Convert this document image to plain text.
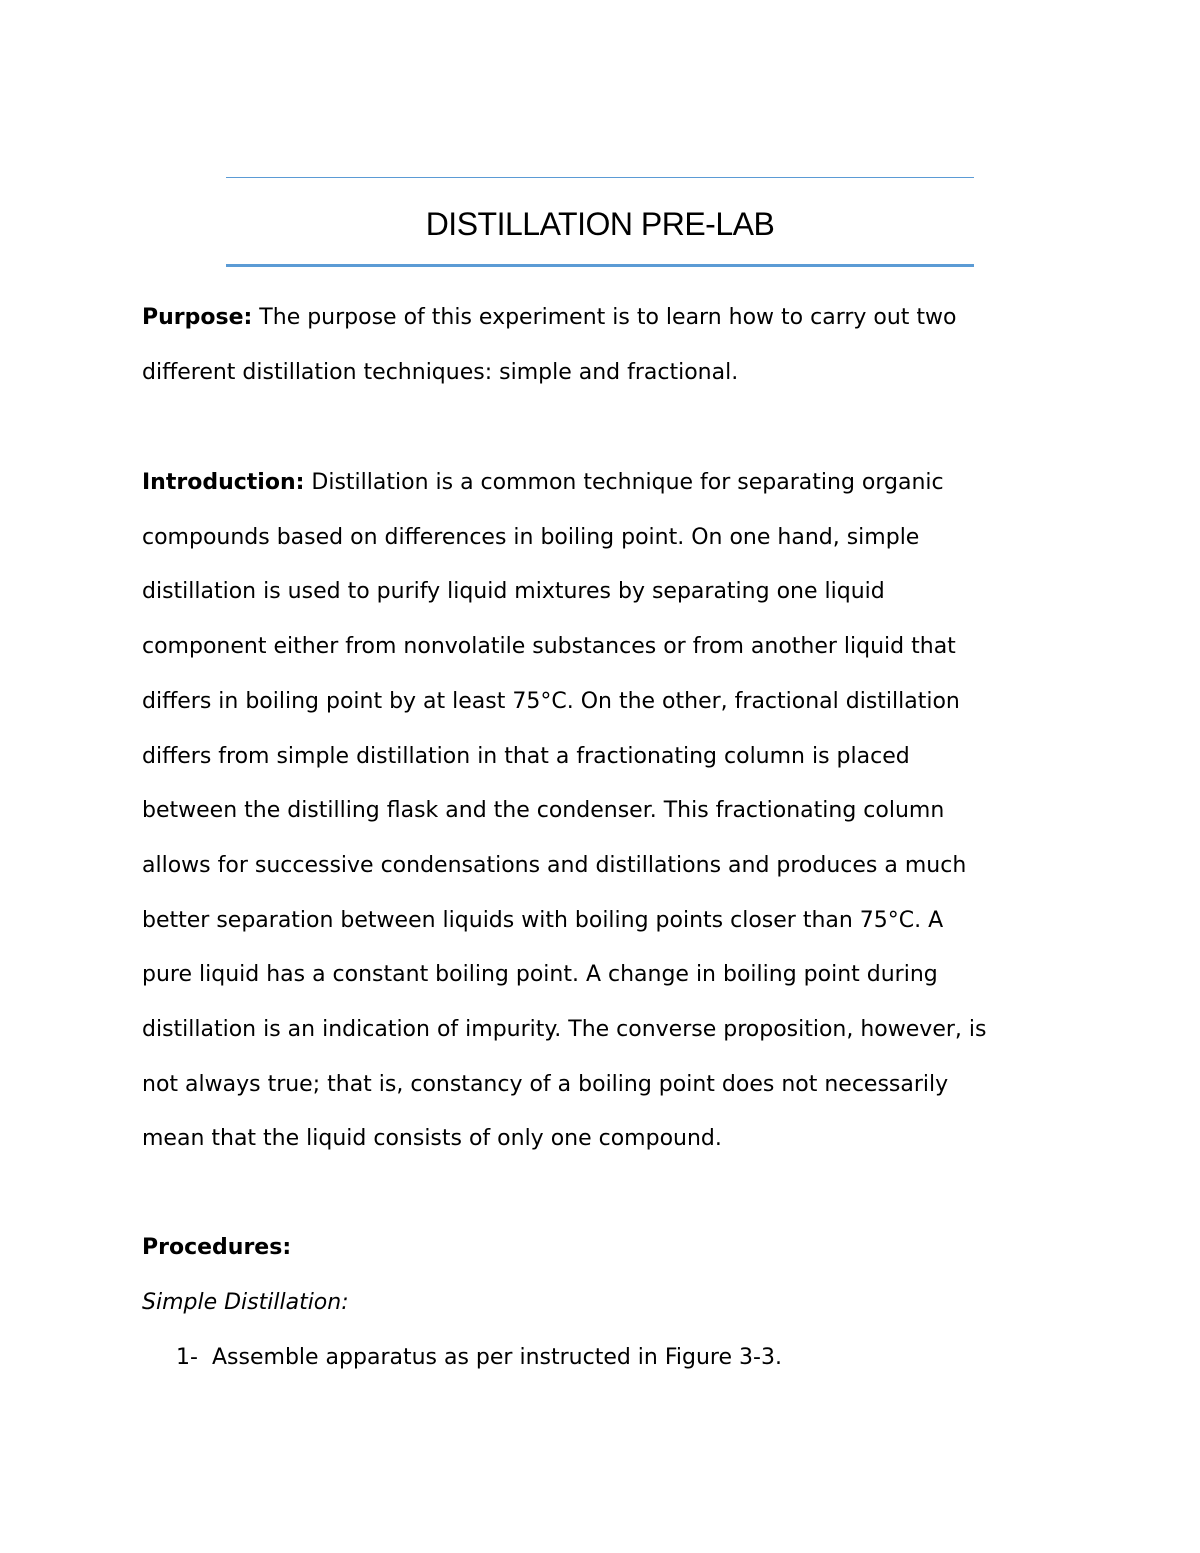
DISTILLATION PRE-LAB
Purpose: The purpose of this experiment is to learn how to carry out two
different distillation techniques: simple and fractional.
Introduction: Distillation is a common technique for separating organic
compounds based on differences in boiling point. On one hand, simple
distillation is used to purify liquid mixtures by separating one liquid
component either from nonvolatile substances or from another liquid that
differs in boiling point by at least 75°C. On the other, fractional distillation
differs from simple distillation in that a fractionating column is placed
between the distilling flask and the condenser. This fractionating column
allows for successive condensations and distillations and produces a much
better separation between liquids with boiling points closer than 75°C. A
pure liquid has a constant boiling point. A change in boiling point during
distillation is an indication of impurity. The converse proposition, however, is
not always true; that is, constancy of a boiling point does not necessarily
mean that the liquid consists of only one compound.
Procedures:
Simple Distillation:
1- Assemble apparatus as per instructed in Figure 3-3.
